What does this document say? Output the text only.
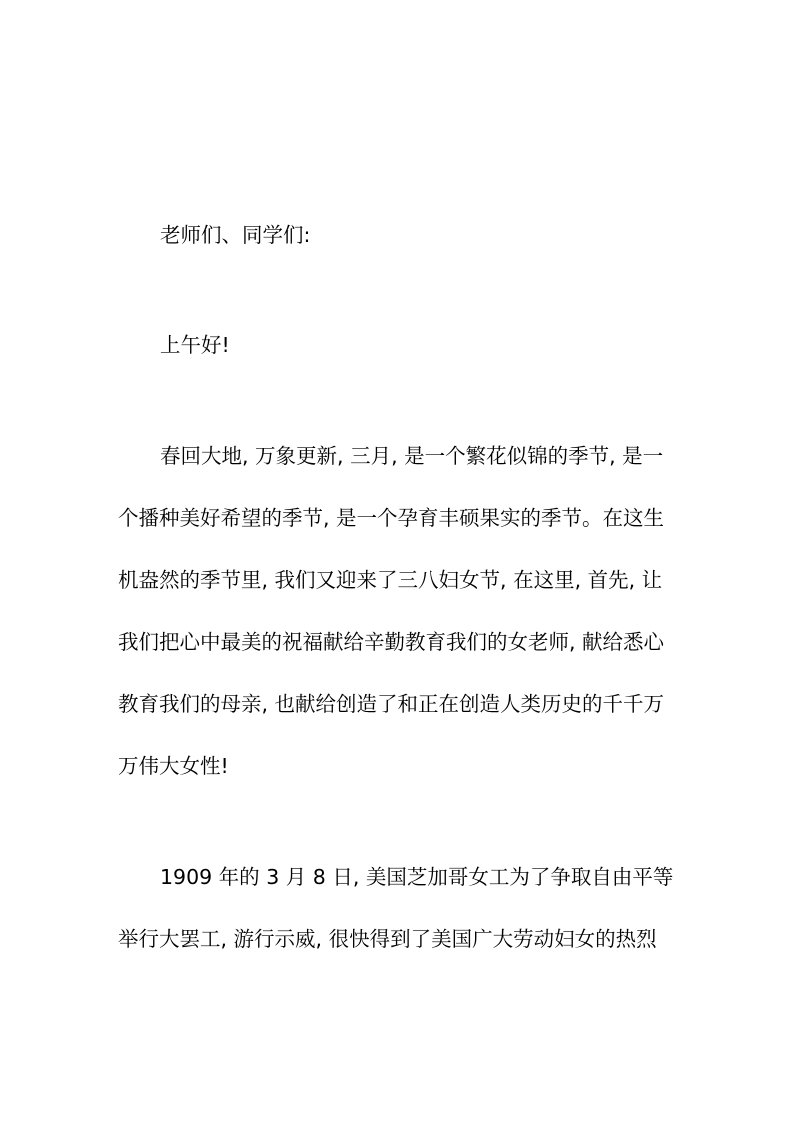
老师们、同学们:
上午好!
春回大地, 万象更新, 三月, 是一个繁花似锦的季节, 是一
个播种美好希望的季节, 是一个孕育丰硕果实的季节。在这生
机盎然的季节里, 我们又迎来了三八妇女节, 在这里, 首先, 让
我们把心中最美的祝福献给辛勤教育我们的女老师, 献给悉心
教育我们的母亲, 也献给创造了和正在创造人类历史的千千万
万伟大女性!
1909 年的 3 月 8 日, 美国芝加哥女工为了争取自由平等
举行大罢工, 游行示威, 很快得到了美国广大劳动妇女的热烈
